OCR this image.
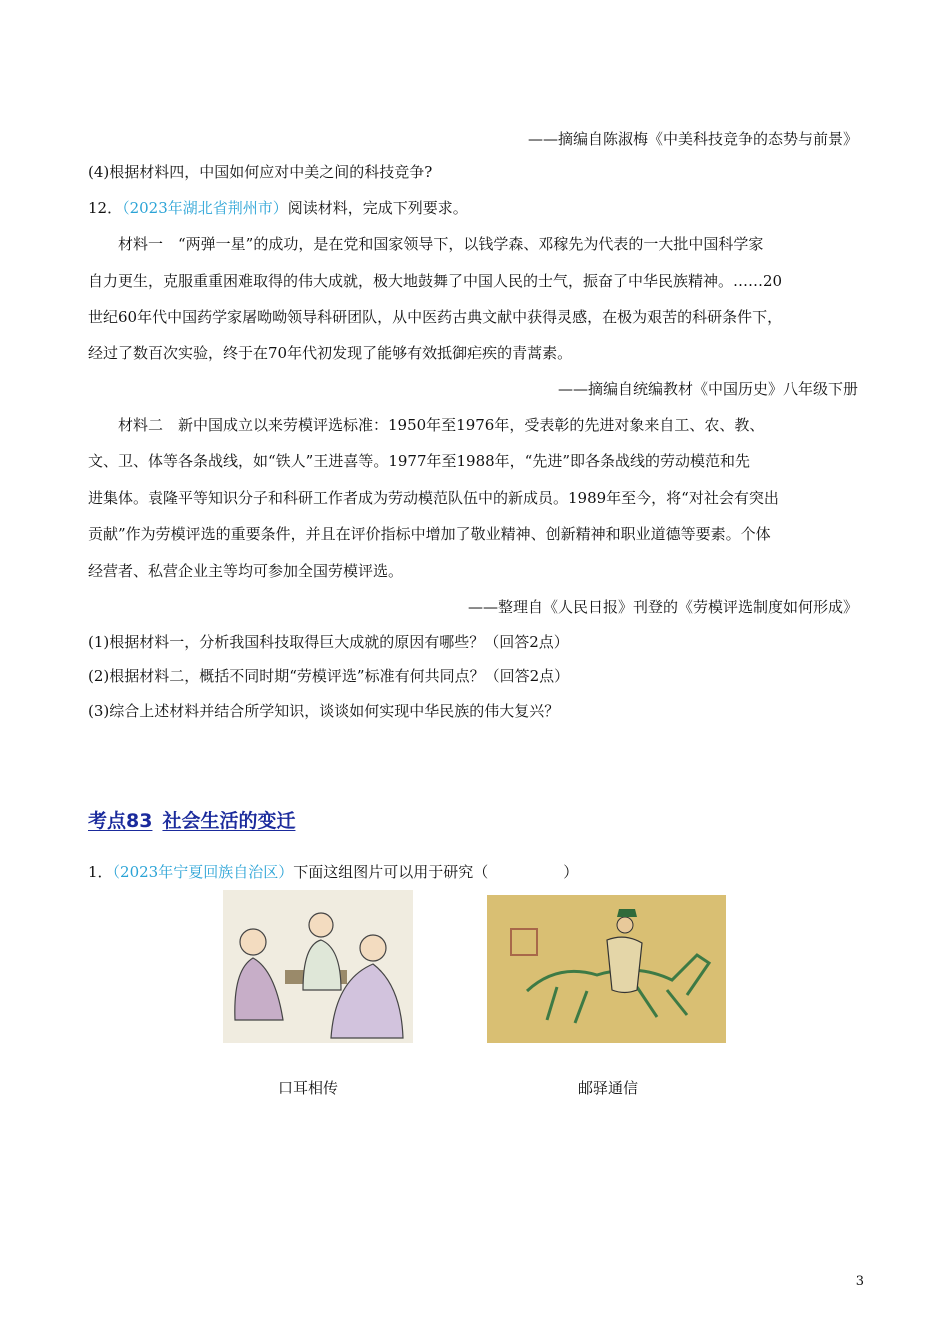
——摘编自陈淑梅《中美科技竞争的态势与前景》
(4)根据材料四，中国如何应对中美之间的科技竞争?
12．（2023年湖北省荆州市）阅读材料，完成下列要求。
材料一　“两弹一星”的成功，是在党和国家领导下，以钱学森、邓稼先为代表的一大批中国科学家
自力更生，克服重重困难取得的伟大成就，极大地鼓舞了中国人民的士气，振奋了中华民族精神。……20
世纪60年代中国药学家屠呦呦领导科研团队，从中医药古典文献中获得灵感，在极为艰苦的科研条件下，
经过了数百次实验，终于在70年代初发现了能够有效抵御疟疾的青蒿素。
——摘编自统编教材《中国历史》八年级下册
材料二　新中国成立以来劳模评选标准：1950年至1976年，受表彰的先进对象来自工、农、教、
文、卫、体等各条战线，如“铁人”王进喜等。1977年至1988年，“先进”即各条战线的劳动模范和先
进集体。袁隆平等知识分子和科研工作者成为劳动模范队伍中的新成员。1989年至今，将“对社会有突出
贡献”作为劳模评选的重要条件，并且在评价指标中增加了敬业精神、创新精神和职业道德等要素。个体
经营者、私营企业主等均可参加全国劳模评选。
——整理自《人民日报》刊登的《劳模评选制度如何形成》
(1)根据材料一，分析我国科技取得巨大成就的原因有哪些？（回答2点）
(2)根据材料二，概括不同时期“劳模评选”标准有何共同点？（回答2点）
(3)综合上述材料并结合所学知识，谈谈如何实现中华民族的伟大复兴？
考点83 社会生活的变迁
1．（2023年宁夏回族自治区）下面这组图片可以用于研究（　　　　　）
口耳相传	邮驿通信
3
